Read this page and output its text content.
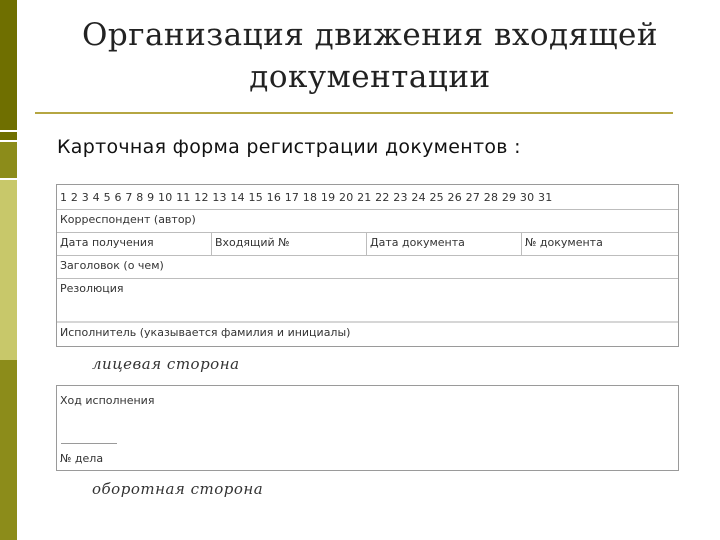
Организация движения входящей
документации
Карточная форма регистрации документов :
1 2 3 4 5 6 7 8 9 10 11 12 13 14 15 16 17 18 19 20 21 22 23 24 25 26 27 28 29 30 31
Корреспондент (автор)
Дата получения	Входящий №	Дата документа	№ документа
Заголовок (о чем)
Резолюция
Исполнитель (указывается фамилия и инициалы)
лицевая сторона
Ход исполнения
№ дела
оборотная сторона
